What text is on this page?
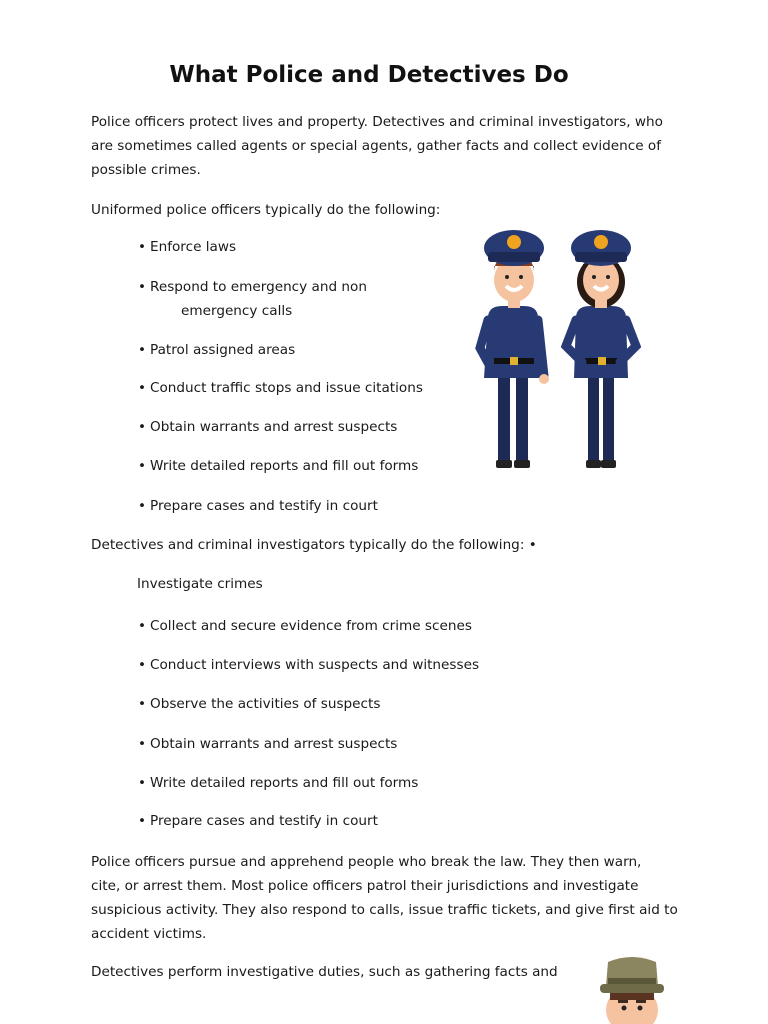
What Police and Detectives Do

Police officers protect lives and property. Detectives and criminal investigators, who
are sometimes called agents or special agents, gather facts and collect evidence of
possible crimes.

Uniformed police officers typically do the following:

• Enforce laws
• Respond to emergency and non
emergency calls
• Patrol assigned areas
• Conduct traffic stops and issue citations
• Obtain warrants and arrest suspects
• Write detailed reports and fill out forms
• Prepare cases and testify in court

Detectives and criminal investigators typically do the following: •

Investigate crimes
• Collect and secure evidence from crime scenes
• Conduct interviews with suspects and witnesses
• Observe the activities of suspects
• Obtain warrants and arrest suspects
• Write detailed reports and fill out forms
• Prepare cases and testify in court

Police officers pursue and apprehend people who break the law. They then warn,
cite, or arrest them. Most police officers patrol their jurisdictions and investigate
suspicious activity. They also respond to calls, issue traffic tickets, and give first aid to
accident victims.

Detectives perform investigative duties, such as gathering facts and
